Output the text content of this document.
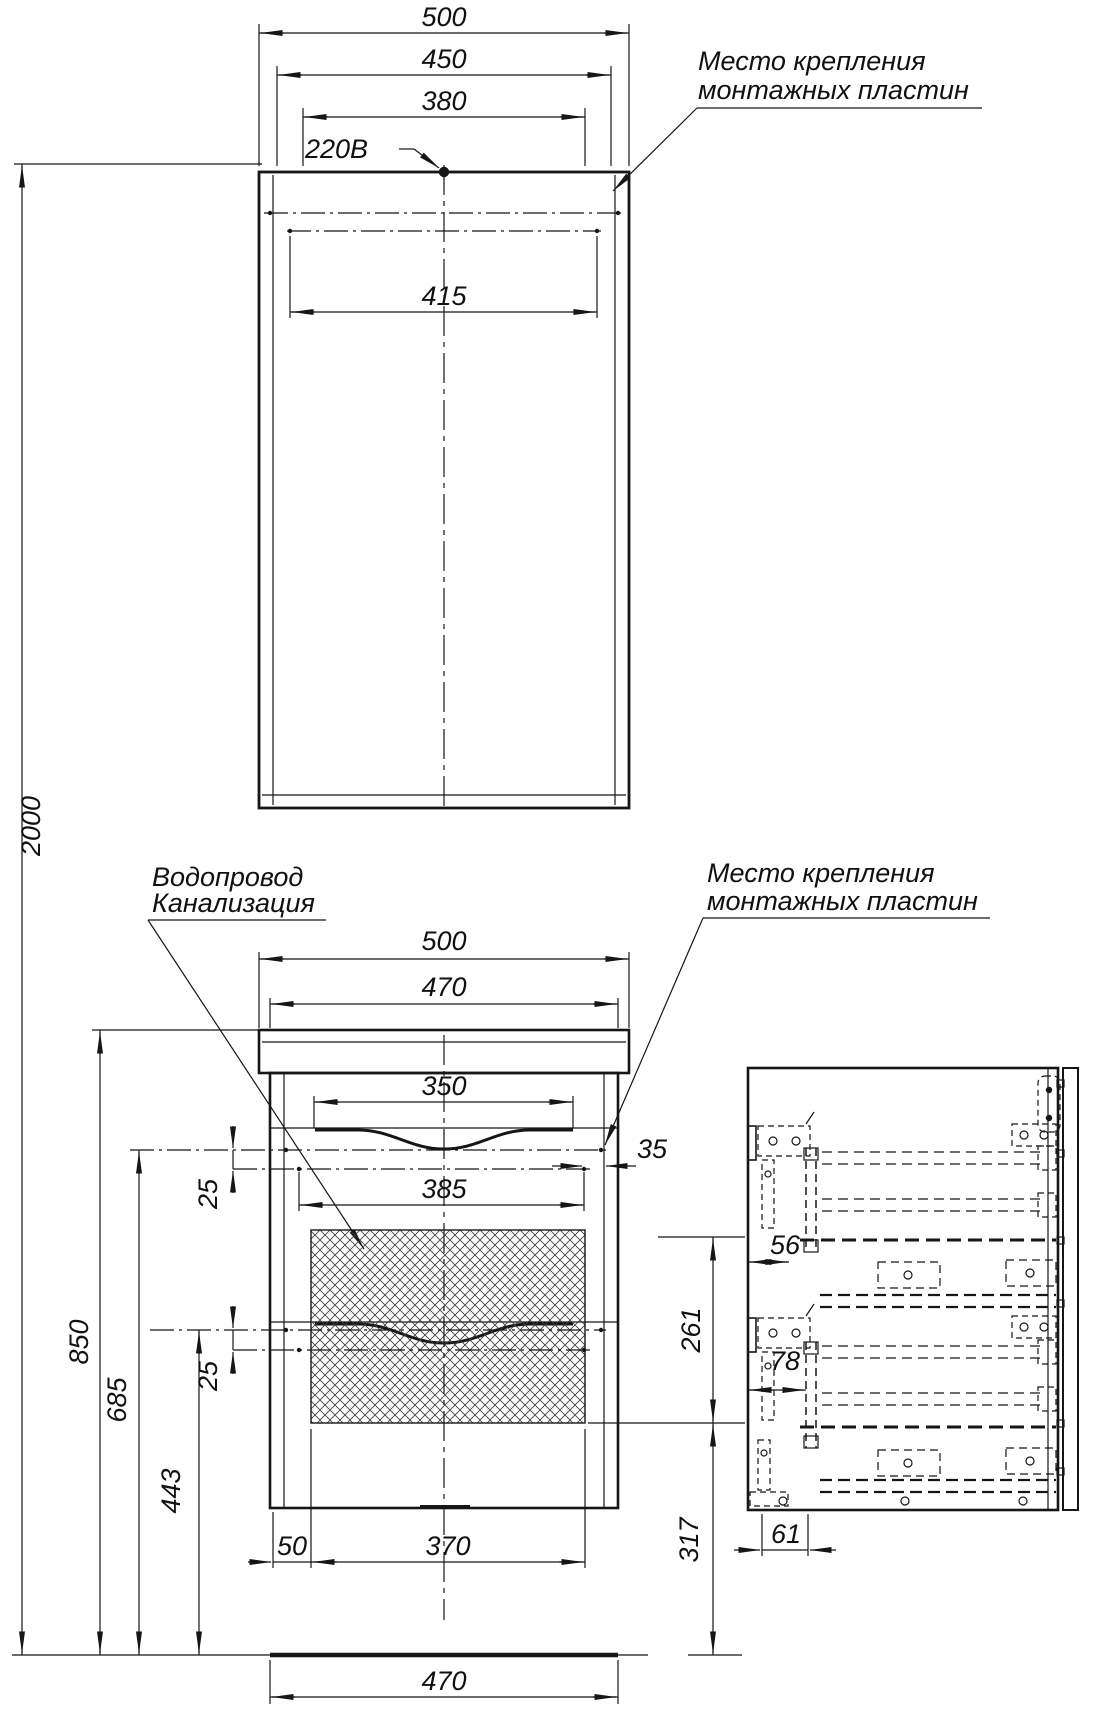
500
450
380
415
220В
Место крепления
монтажных пластин
2000
850
685
443
Водопровод
Канализация
Место крепления
монтажных пластин
500
470
350
385
35
25
25
50	370
470
56
78
61
261
317
